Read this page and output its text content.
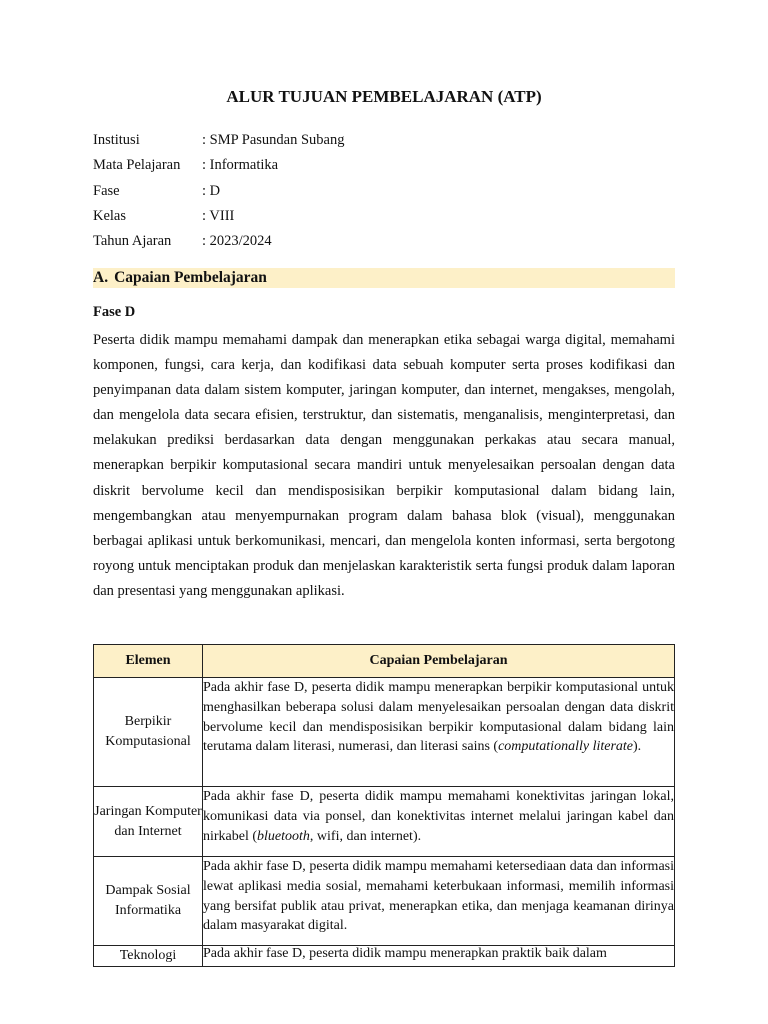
ALUR TUJUAN PEMBELAJARAN (ATP)
Institusi	: SMP Pasundan Subang
Mata Pelajaran	: Informatika
Fase	: D
Kelas	: VIII
Tahun Ajaran	: 2023/2024
A. Capaian Pembelajaran
Fase D

Peserta didik mampu memahami dampak dan menerapkan etika sebagai warga digital, memahami komponen, fungsi, cara kerja, dan kodifikasi data sebuah komputer serta proses kodifikasi dan penyimpanan data dalam sistem komputer, jaringan komputer, dan internet, mengakses, mengolah, dan mengelola data secara efisien, terstruktur, dan sistematis, menganalisis, menginterpretasi, dan melakukan prediksi berdasarkan data dengan menggunakan perkakas atau secara manual, menerapkan berpikir komputasional secara mandiri untuk menyelesaikan persoalan dengan data diskrit bervolume kecil dan mendisposisikan berpikir komputasional dalam bidang lain, mengembangkan atau menyempurnakan program dalam bahasa blok (visual), menggunakan berbagai aplikasi untuk berkomunikasi, mencari, dan mengelola konten informasi, serta bergotong royong untuk menciptakan produk dan menjelaskan karakteristik serta fungsi produk dalam laporan dan presentasi yang menggunakan aplikasi.

Elemen	Capaian Pembelajaran
Berpikir Komputasional	Pada akhir fase D, peserta didik mampu menerapkan berpikir komputasional untuk menghasilkan beberapa solusi dalam menyelesaikan persoalan dengan data diskrit bervolume kecil dan mendisposisikan berpikir komputasional dalam bidang lain terutama dalam literasi, numerasi, dan literasi sains (computationally literate).
Jaringan Komputer dan Internet	Pada akhir fase D, peserta didik mampu memahami konektivitas jaringan lokal, komunikasi data via ponsel, dan konektivitas internet melalui jaringan kabel dan nirkabel (bluetooth, wifi, dan internet).
Dampak Sosial Informatika	Pada akhir fase D, peserta didik mampu memahami ketersediaan data dan informasi lewat aplikasi media sosial, memahami keterbukaan informasi, memilih informasi yang bersifat publik atau privat, menerapkan etika, dan menjaga keamanan dirinya dalam masyarakat digital.
Teknologi	Pada akhir fase D, peserta didik mampu menerapkan praktik baik dalam
